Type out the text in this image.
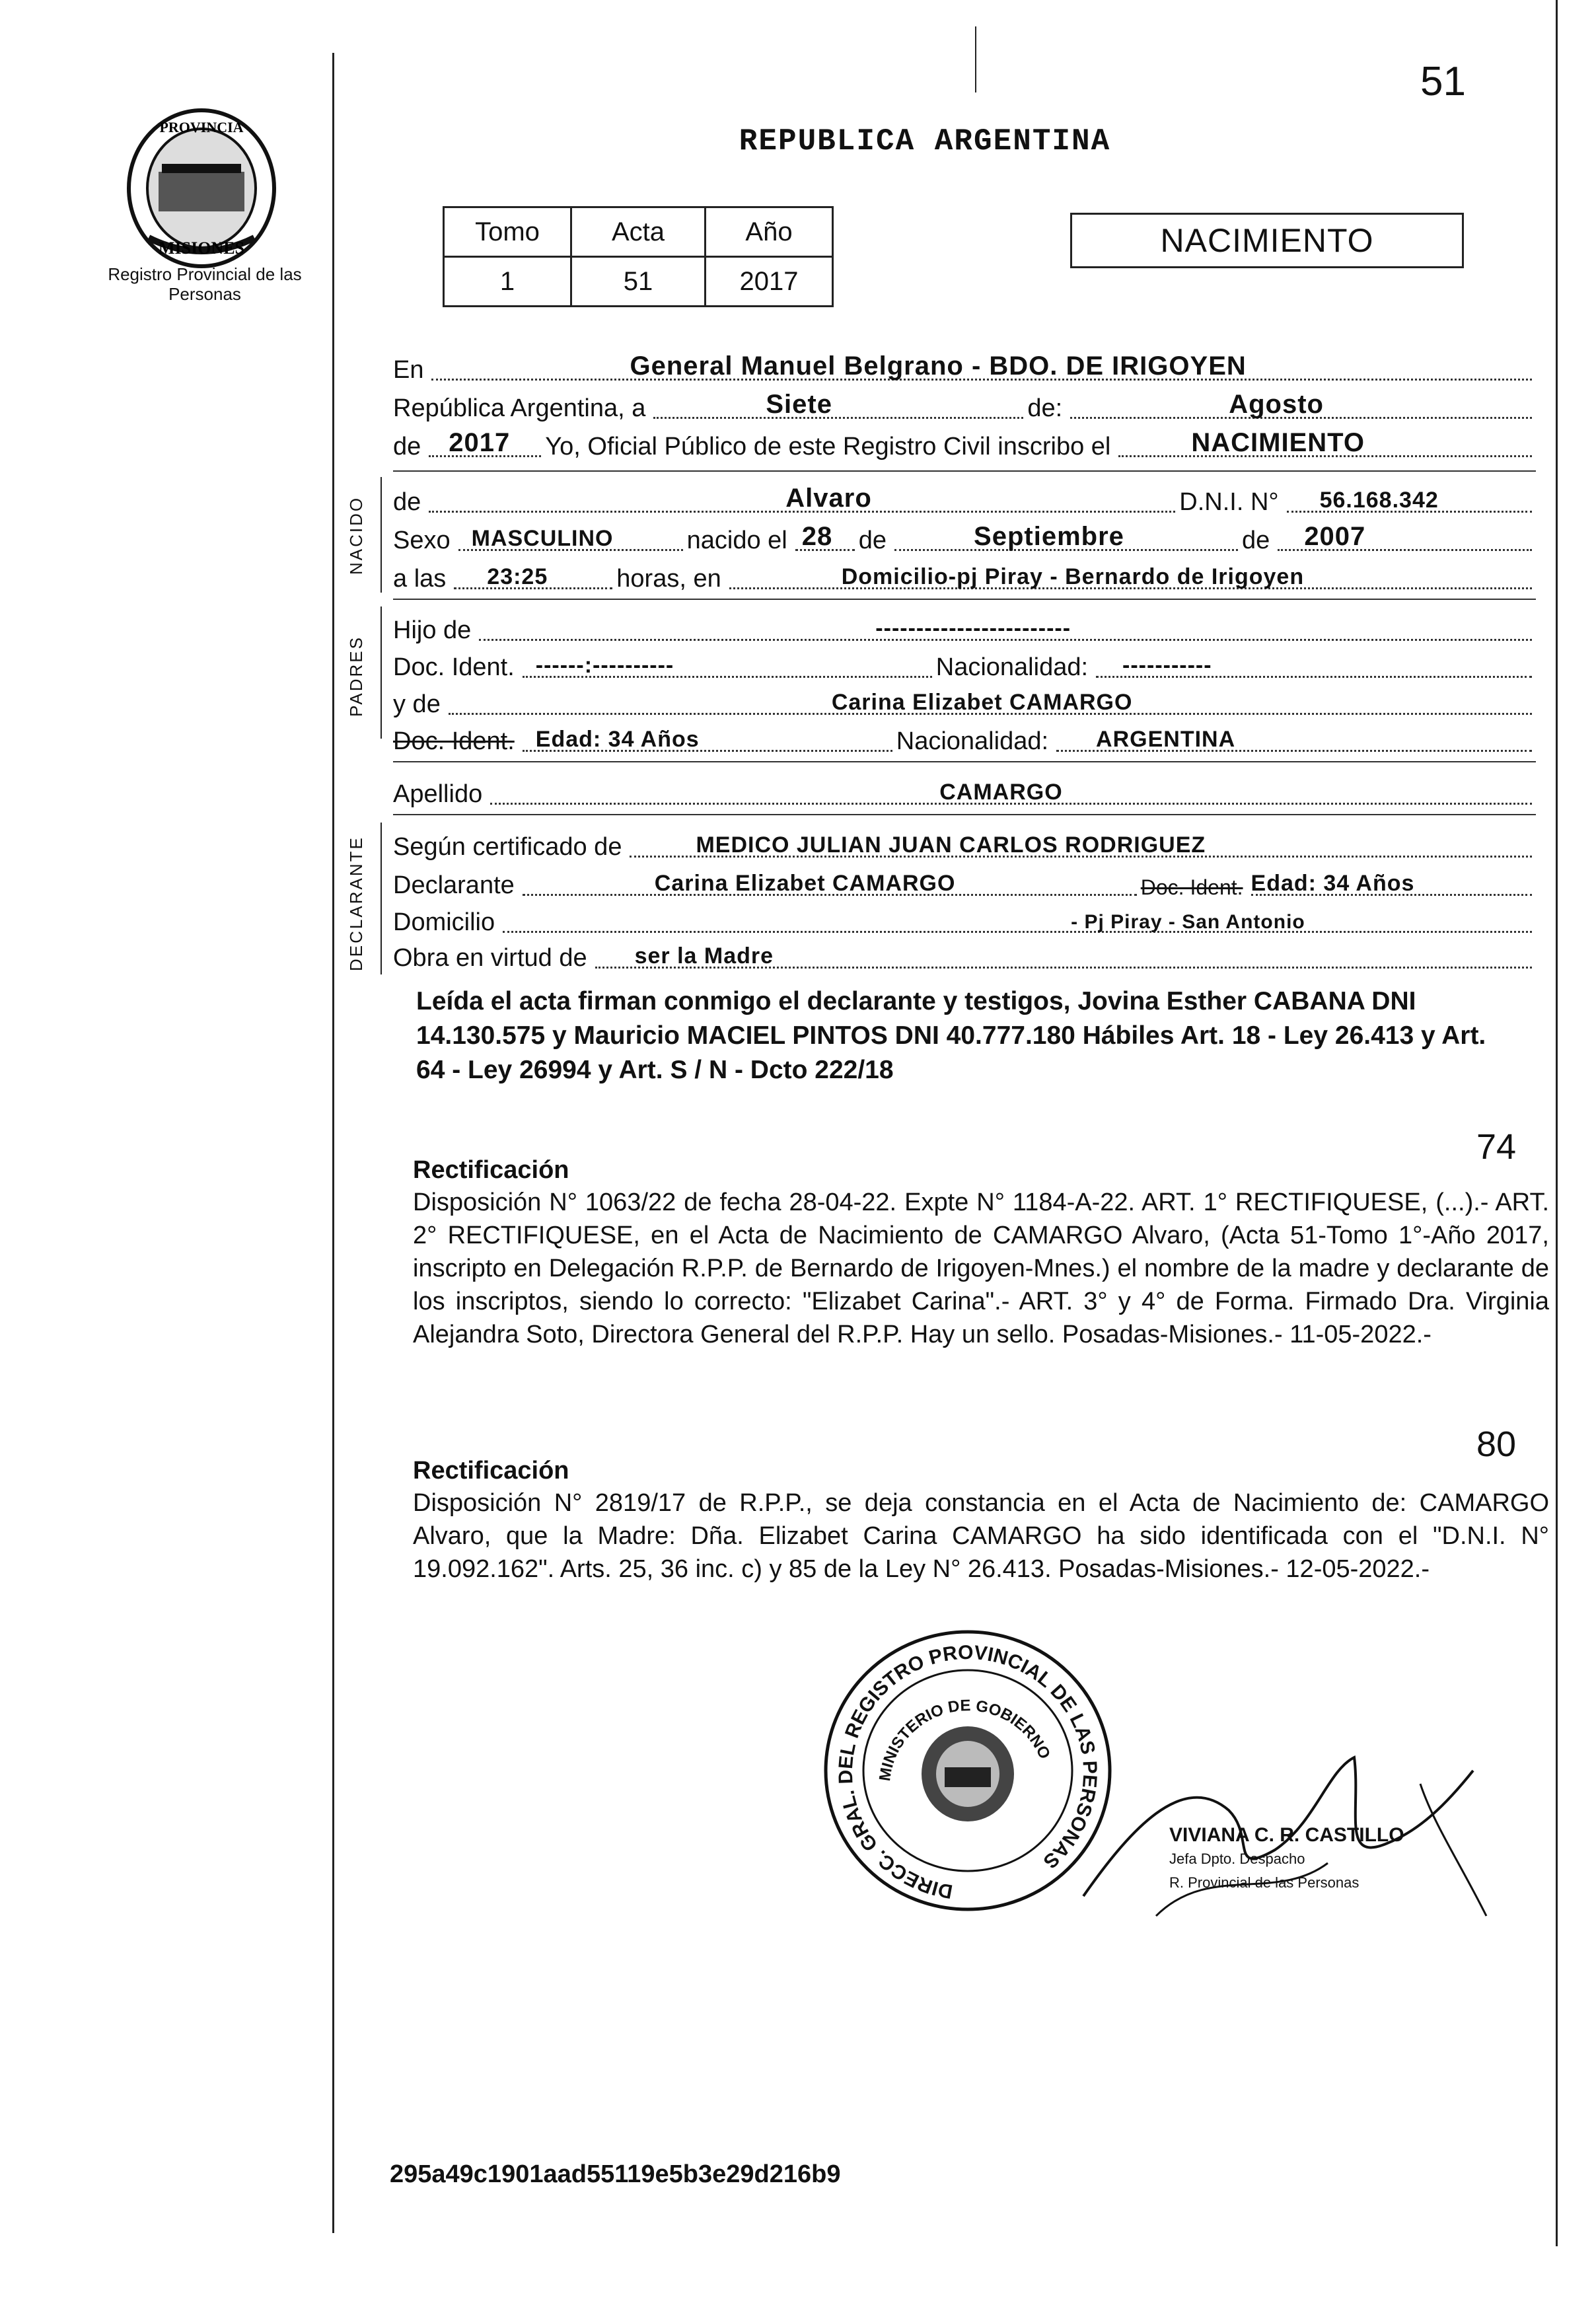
PROVINCIA
MISIONES
Registro Provincial de las Personas
REPUBLICA ARGENTINA
51
Tomo	Acta	Año
1	51	2017
NACIMIENTO
En	General Manuel Belgrano - BDO. DE IRIGOYEN
República Argentina, a	Siete	de:	Agosto
de 2017 Yo, Oficial Público de este Registro Civil inscribo el	NACIMIENTO
NACIDO de	Alvaro	D.N.I. N° 56.168.342
Sexo MASCULINO	nacido el 28 de	Septiembre	de 2007
a las 23:25	horas, en	Domicilio-pj Piray - Bernardo de Irigoyen
PADRES
Hijo de	------------------------
Doc. Ident. ------:----------	Nacionalidad: -----------
y de	Carina Elizabet CAMARGO
Doc. Ident. Edad: 34 Años	Nacionalidad: ARGENTINA
Apellido	CAMARGO
DECLARANTE Según certificado de	MEDICO JULIAN JUAN CARLOS RODRIGUEZ
Declarante	Carina Elizabet CAMARGO	Doc. Ident. Edad: 34 Años
Domicilio	- Pj Piray - San Antonio
Obra en virtud de ser la Madre
Leída el acta firman conmigo el declarante y testigos, Jovina Esther CABANA DNI 14.130.575 y Mauricio MACIEL PINTOS DNI 40.777.180 Hábiles Art. 18 - Ley 26.413 y Art. 64 - Ley 26994 y Art. S / N - Dcto 222/18
74
Rectificación
Disposición N° 1063/22 de fecha 28-04-22. Expte N° 1184-A-22. ART. 1° RECTIFIQUESE, (...).- ART. 2° RECTIFIQUESE, en el Acta de Nacimiento de CAMARGO Alvaro, (Acta 51-Tomo 1°-Año 2017, inscripto en Delegación R.P.P. de Bernardo de Irigoyen-Mnes.) el nombre de la madre y declarante de los inscriptos, siendo lo correcto: "Elizabet Carina".- ART. 3° y 4° de Forma. Firmado Dra. Virginia Alejandra Soto, Directora General del R.P.P. Hay un sello. Posadas-Misiones.- 11-05-2022.-
80
Rectificación
Disposición N° 2819/17 de R.P.P., se deja constancia en el Acta de Nacimiento de: CAMARGO Alvaro, que la Madre: Dña. Elizabet Carina CAMARGO ha sido identificada con el "D.N.I. N° 19.092.162". Arts. 25, 36 inc. c) y 85 de la Ley N° 26.413. Posadas-Misiones.- 12-05-2022.-
DIRECC. GRAL. DEL REGISTRO PROVINCIAL DE LAS PERSONAS
MINISTERIO DE GOBIERNO
VIVIANA C. R. CASTILLO
Jefa Dpto. Despacho
R. Provincial de las Personas
295a49c1901aad55119e5b3e29d216b9
